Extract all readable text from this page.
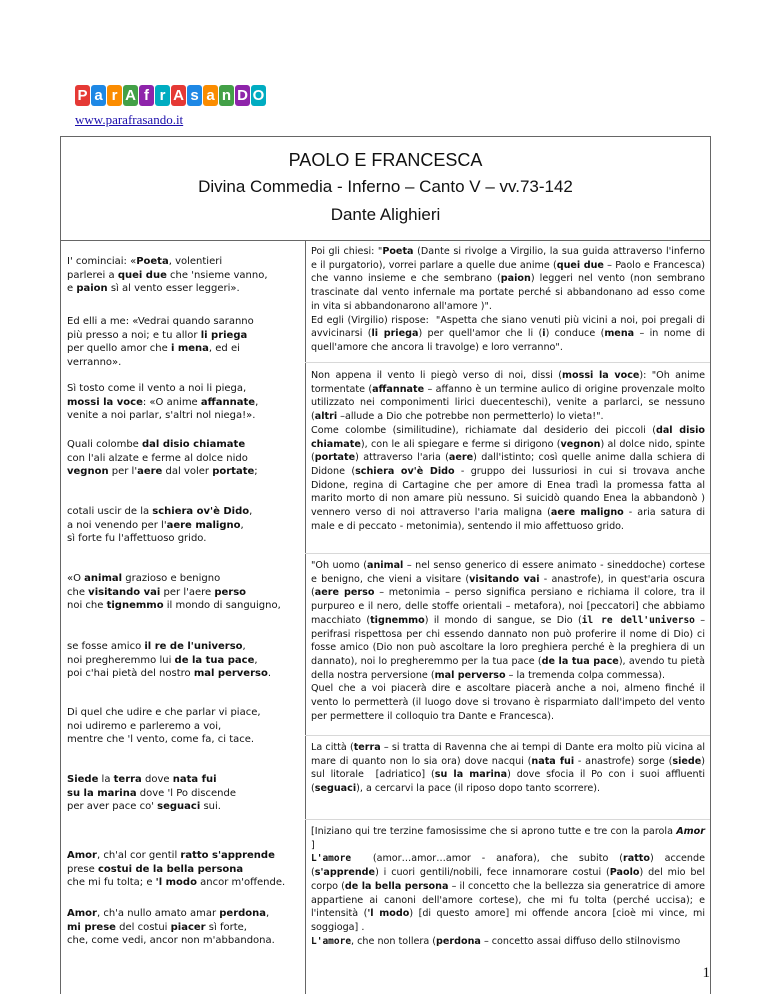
P a r A f r A s a n D O
www.parafrasando.it
PAOLO E FRANCESCA
Divina Commedia - Inferno – Canto V – vv.73-142
Dante Alighieri
I' cominciai: «Poeta, volentieri
parlerei a quei due che 'nsieme vanno,
e paion sì al vento esser leggeri».
Ed elli a me: «Vedrai quando saranno
più presso a noi; e tu allor li priega
per quello amor che i mena, ed ei
verranno».
Sì tosto come il vento a noi li piega,
mossi la voce: «O anime affannate,
venite a noi parlar, s'altri nol niega!».
Quali colombe dal disio chiamate
con l'ali alzate e ferme al dolce nido
vegnon per l'aere dal voler portate;
cotali uscir de la schiera ov'è Dido,
a noi venendo per l'aere maligno,
sì forte fu l'affettuoso grido.
«O animal grazioso e benigno
che visitando vai per l'aere perso
noi che tignemmo il mondo di sanguigno,
se fosse amico il re de l'universo,
noi pregheremmo lui de la tua pace,
poi c'hai pietà del nostro mal perverso.
Di quel che udire e che parlar vi piace,
noi udiremo e parleremo a voi,
mentre che 'l vento, come fa, ci tace.
Siede la terra dove nata fui
su la marina dove 'l Po discende
per aver pace co' seguaci sui.
Amor, ch'al cor gentil ratto s'apprende
prese costui de la bella persona
che mi fu tolta; e 'l modo ancor m'offende.
Amor, ch'a nullo amato amar perdona,
mi prese del costui piacer sì forte,
che, come vedi, ancor non m'abbandona.

Poi gli chiesi: "Poeta (Dante si rivolge a Virgilio, la sua guida attraverso l'inferno e il purgatorio), vorrei parlare a quelle due anime (quei due – Paolo e Francesca) che vanno insieme e che sembrano (paion) leggeri nel vento (non sembrano trascinate dal vento infernale ma portate perché si abbandonano ad esso come in vita si abbandonarono all'amore )".

Ed egli (Virgilio) rispose:  "Aspetta che siano venuti più vicini a noi, poi pregali di avvicinarsi (li priega) per quell'amor che li (i) conduce (mena – in nome di quell'amore che ancora li travolge) e loro verranno".

Non appena il vento li piegò verso di noi, dissi (mossi la voce): "Oh anime tormentate (affannate – affanno è un termine aulico di origine provenzale molto utilizzato nei componimenti lirici duecenteschi), venite a parlarci, se nessuno (altri –allude a Dio che potrebbe non permetterlo) lo vieta!".

Come colombe (similitudine), richiamate dal desiderio dei piccoli (dal disio chiamate), con le ali spiegare e ferme si dirigono (vegnon) al dolce nido, spinte (portate) attraverso l'aria (aere) dall'istinto; così quelle anime dalla schiera di Didone (schiera ov'è Dido - gruppo dei lussuriosi in cui si trovava anche Didone, regina di Cartagine che per amore di Enea tradì la promessa fatta al marito morto di non amare più nessuno. Si suicidò quando Enea la abbandonò ) vennero verso di noi attraverso l'aria maligna (aere maligno - aria satura di male e di peccato - metonimia), sentendo il mio affettuoso grido.

"Oh uomo (animal – nel senso generico di essere animato - sineddoche) cortese e benigno, che vieni a visitare (visitando vai - anastrofe), in quest'aria oscura (aere perso – metonimia – perso significa persiano e richiama il colore, tra il purpureo e il nero, delle stoffe orientali – metafora), noi [peccatori] che abbiamo macchiato (tignemmo) il mondo di sangue, se Dio (il re dell'universo – perifrasi rispettosa per chi essendo dannato non può proferire il nome di Dio) ci fosse amico (Dio non può ascoltare la loro preghiera perché è la preghiera di un dannato), noi lo pregheremmo per la tua pace (de la tua pace), avendo tu pietà della nostra perversione (mal perverso – la tremenda colpa commessa).

Quel che a voi piacerà dire e ascoltare piacerà anche a noi, almeno finché il vento lo permetterà (il luogo dove si trovano è risparmiato dall'impeto del vento per permettere il colloquio tra Dante e Francesca).

La città (terra – si tratta di Ravenna che ai tempi di Dante era molto più vicina al mare di quanto non lo sia ora) dove nacqui (nata fui - anastrofe) sorge (siede) sul litorale  [adriatico] (su la marina) dove sfocia il Po con i suoi affluenti (seguaci), a cercarvi la pace (il riposo dopo tanto scorrere).

[Iniziano qui tre terzine famosissime che si aprono tutte e tre con la parola Amor ]

L'amore  (amor…amor…amor - anafora), che subito (ratto) accende (s'apprende) i cuori gentili/nobili, fece innamorare costui (Paolo) del mio bel corpo (de la bella persona – il concetto che la bellezza sia generatrice di amore appartiene ai canoni dell'amore cortese), che mi fu tolta (perché uccisa); e l'intensità ('l modo) [di questo amore] mi offende ancora [cioè mi vince, mi soggioga] .

L'amore, che non tollera (perdona – concetto assai diffuso dello stilnovismo

1
